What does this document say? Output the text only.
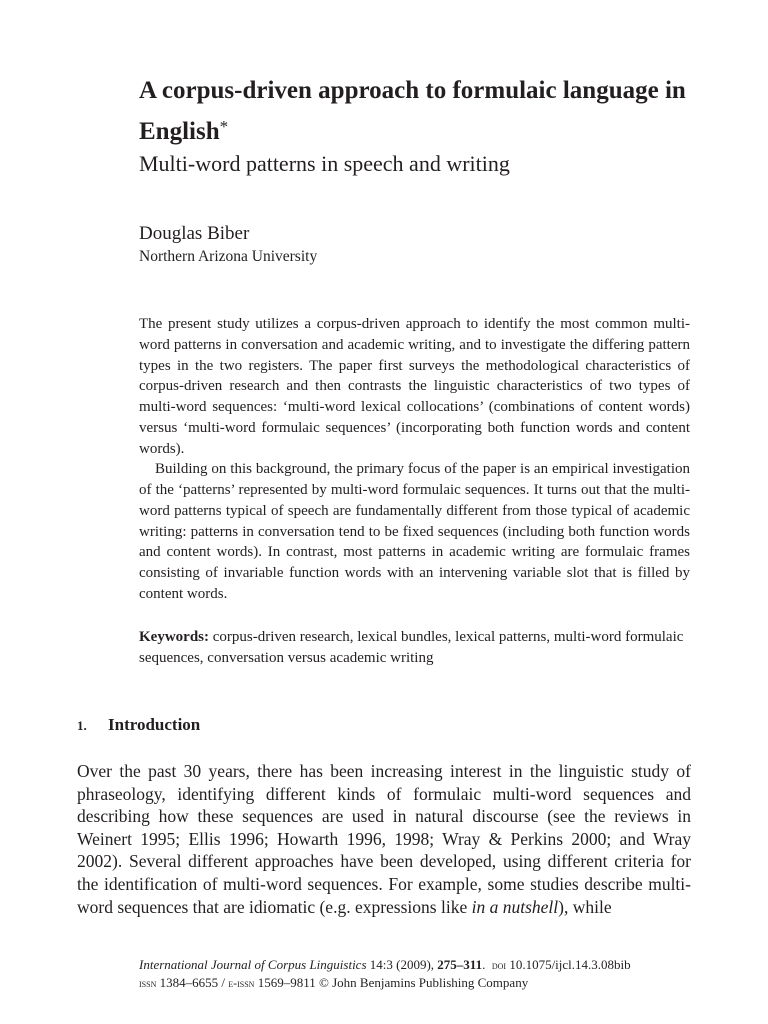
A corpus-driven approach to formulaic language in English*
Multi-word patterns in speech and writing
Douglas Biber
Northern Arizona University

The present study utilizes a corpus-driven approach to identify the most common multi-word patterns in conversation and academic writing, and to investigate the differing pattern types in the two registers. The paper first surveys the methodological characteristics of corpus-driven research and then contrasts the linguistic characteristics of two types of multi-word sequences: ‘multi-word lexical collocations’ (combinations of content words) versus ‘multi-word formulaic sequences’ (incorporating both function words and content words).

Building on this background, the primary focus of the paper is an empirical investigation of the ‘patterns’ represented by multi-word formulaic sequences. It turns out that the multi-word patterns typical of speech are fundamentally different from those typical of academic writing: patterns in conversation tend to be fixed sequences (including both function words and content words). In contrast, most patterns in academic writing are formulaic frames consisting of invariable function words with an intervening variable slot that is filled by content words.

Keywords: corpus-driven research, lexical bundles, lexical patterns, multi-word formulaic sequences, conversation versus academic writing

1. Introduction

Over the past 30 years, there has been increasing interest in the linguistic study of phraseology, identifying different kinds of formulaic multi-word sequences and describing how these sequences are used in natural discourse (see the reviews in Weinert 1995; Ellis 1996; Howarth 1996, 1998; Wray & Perkins 2000; and Wray 2002). Several different approaches have been developed, using different criteria for the identification of multi-word sequences. For example, some studies describe multi-word sequences that are idiomatic (e.g. expressions like in a nutshell), while

International Journal of Corpus Linguistics 14:3 (2009), 275–311.  doi 10.1075/ijcl.14.3.08bib
issn 1384–6655 / e-issn 1569–9811 © John Benjamins Publishing Company
